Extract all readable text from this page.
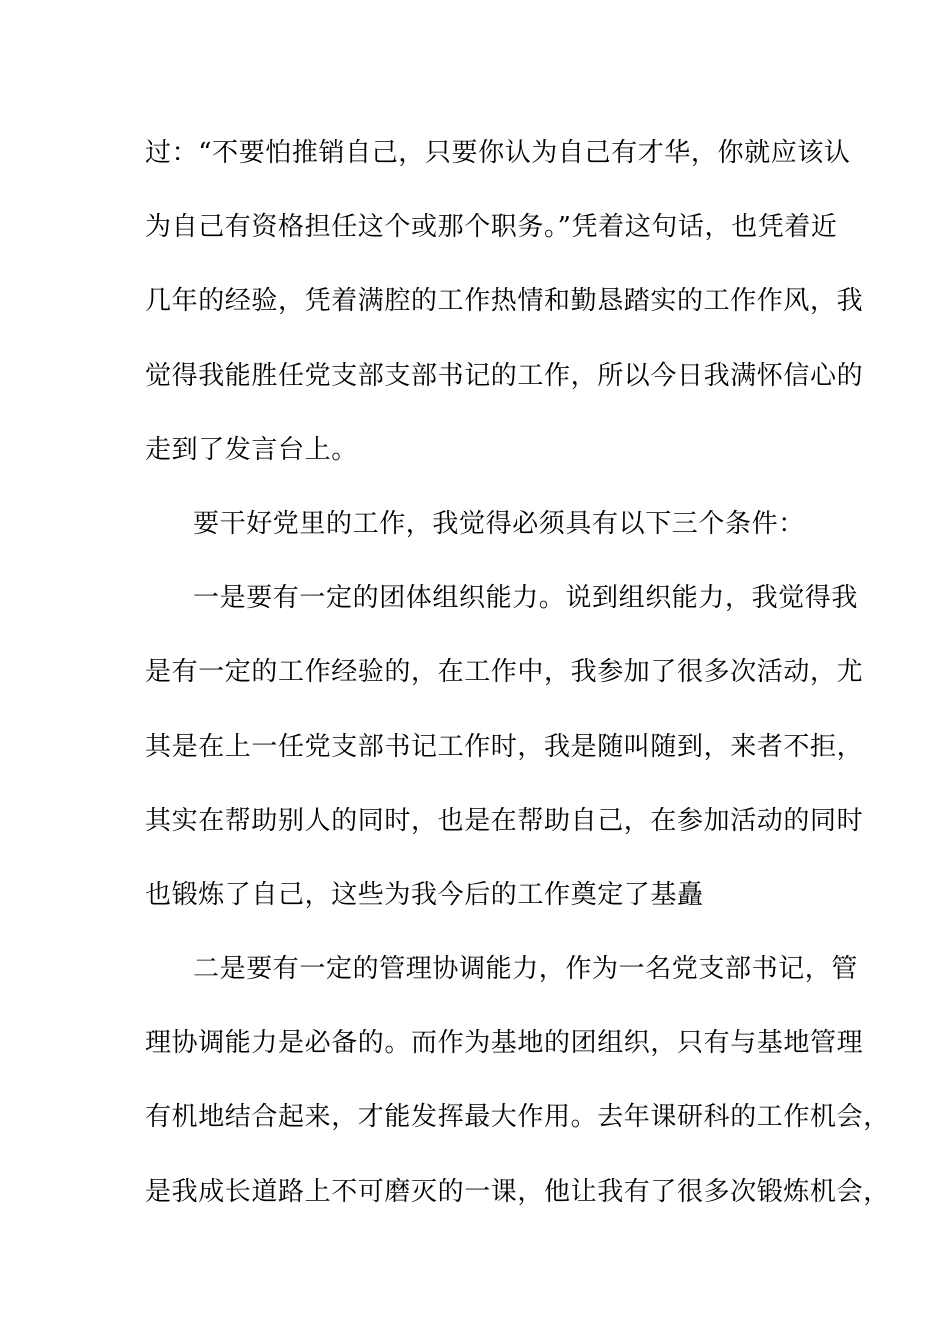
过：“不要怕推销自己，只要你认为自己有才华，你就应该认
为自己有资格担任这个或那个职务。”凭着这句话，也凭着近
几年的经验，凭着满腔的工作热情和勤恳踏实的工作作风，我
觉得我能胜任党支部支部书记的工作，所以今日我满怀信心的
走到了发言台上。
要干好党里的工作，我觉得必须具有以下三个条件：
一是要有一定的团体组织能力。说到组织能力，我觉得我
是有一定的工作经验的，在工作中，我参加了很多次活动，尤
其是在上一任党支部书记工作时，我是随叫随到，来者不拒，
其实在帮助别人的同时，也是在帮助自己，在参加活动的同时
也锻炼了自己，这些为我今后的工作奠定了基矗
二是要有一定的管理协调能力，作为一名党支部书记，管
理协调能力是必备的。而作为基地的团组织，只有与基地管理
有机地结合起来，才能发挥最大作用。去年课研科的工作机会，
是我成长道路上不可磨灭的一课，他让我有了很多次锻炼机会，
